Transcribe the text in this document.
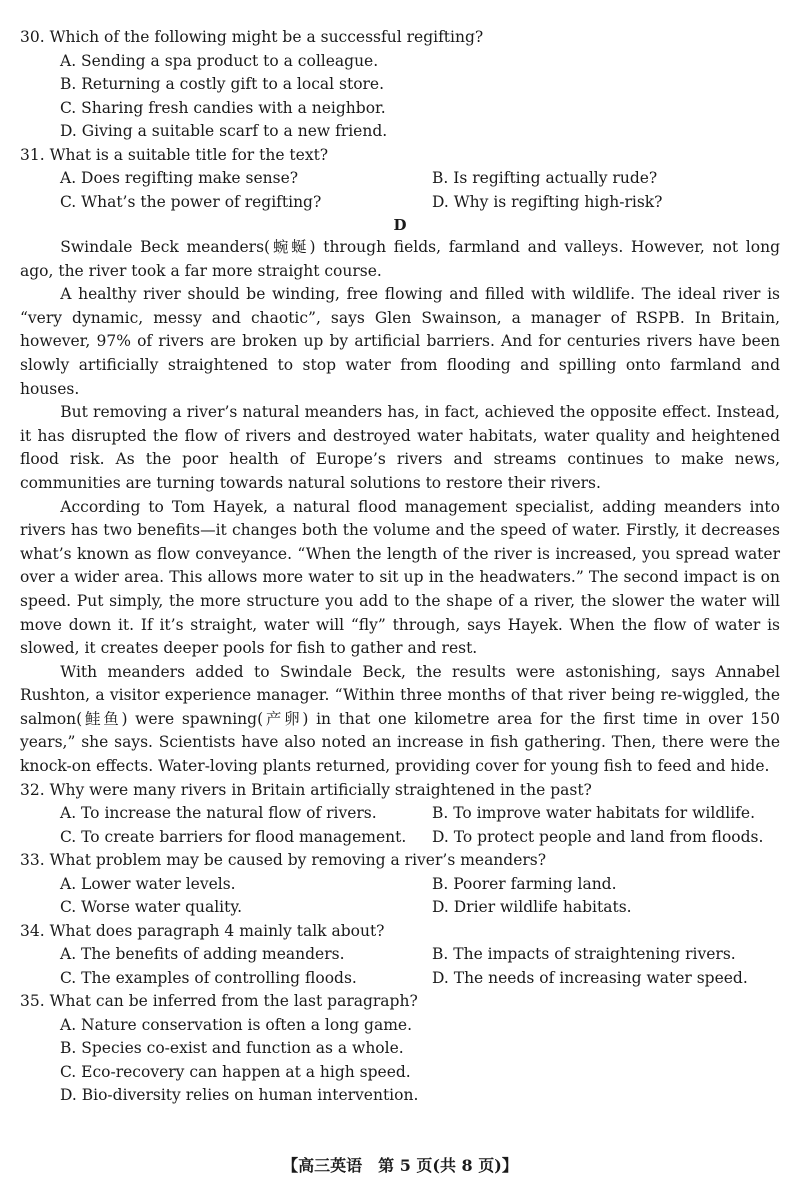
30. Which of the following might be a successful regifting?
A. Sending a spa product to a colleague.
B. Returning a costly gift to a local store.
C. Sharing fresh candies with a neighbor.
D. Giving a suitable scarf to a new friend.
31. What is a suitable title for the text?
A. Does regifting make sense?	B. Is regifting actually rude?
C. What’s the power of regifting?	D. Why is regifting high-risk?
D

Swindale Beck meanders(蜿蜒) through fields, farmland and valleys. However, not long ago, the river took a far more straight course.

A healthy river should be winding, free flowing and filled with wildlife. The ideal river is “very dynamic, messy and chaotic”, says Glen Swainson, a manager of RSPB. In Britain, however, 97% of rivers are broken up by artificial barriers. And for centuries rivers have been slowly artificially straightened to stop water from flooding and spilling onto farmland and houses.

But removing a river’s natural meanders has, in fact, achieved the opposite effect. Instead, it has disrupted the flow of rivers and destroyed water habitats, water quality and heightened flood risk. As the poor health of Europe’s rivers and streams continues to make news, communities are turning towards natural solutions to restore their rivers.

According to Tom Hayek, a natural flood management specialist, adding meanders into rivers has two benefits—it changes both the volume and the speed of water. Firstly, it decreases what’s known as flow conveyance. “When the length of the river is increased, you spread water over a wider area. This allows more water to sit up in the headwaters.” The second impact is on speed. Put simply, the more structure you add to the shape of a river, the slower the water will move down it. If it’s straight, water will “fly” through, says Hayek. When the flow of water is slowed, it creates deeper pools for fish to gather and rest.

With meanders added to Swindale Beck, the results were astonishing, says Annabel Rushton, a visitor experience manager. “Within three months of that river being re-wiggled, the salmon(鲑鱼) were spawning(产卵) in that one kilometre area for the first time in over 150 years,” she says. Scientists have also noted an increase in fish gathering. Then, there were the knock-on effects. Water-loving plants returned, providing cover for young fish to feed and hide.

32. Why were many rivers in Britain artificially straightened in the past?
A. To increase the natural flow of rivers.	B. To improve water habitats for wildlife.
C. To create barriers for flood management.	D. To protect people and land from floods.
33. What problem may be caused by removing a river’s meanders?
A. Lower water levels.	B. Poorer farming land.
C. Worse water quality.	D. Drier wildlife habitats.
34. What does paragraph 4 mainly talk about?
A. The benefits of adding meanders.	B. The impacts of straightening rivers.
C. The examples of controlling floods.	D. The needs of increasing water speed.
35. What can be inferred from the last paragraph?
A. Nature conservation is often a long game.
B. Species co-exist and function as a whole.
C. Eco-recovery can happen at a high speed.
D. Bio-diversity relies on human intervention.
【高三英语　第 5 页(共 8 页)】
